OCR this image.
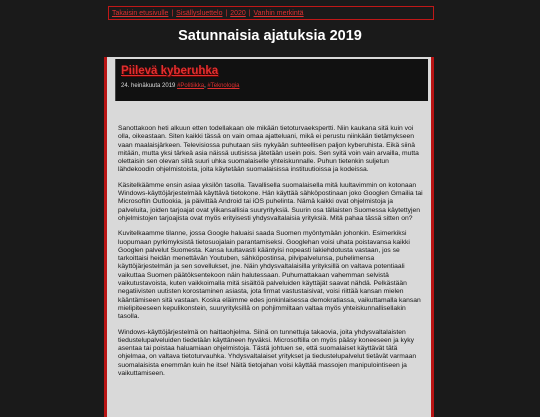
Takaisin etusivulle | Sisällysluettelo | 2020 | Vanhin merkintä
Satunnaisia ajatuksia 2019
Piilevä kyberuhka
24. heinäkuuta 2019 #Politiikka, #Teknologia

Sanottakoon heti alkuun etten todellakaan ole mikään tietoturvaekspertti. Niin kaukana sitä kuin voi olla, oikeastaan. Siten kaikki tässä on vain omaa ajatteluani, mikä ei perustu niinkään tietämykseen vaan maalaisjärkeen. Televisiossa puhutaan siis nykyään suhteellisen paljon kyberuhista. Eikä siinä mitään, mutta yksi tärkeä asia näissä uutisissa jätetään usein pois. Sen syitä voin vain arvailla, mutta olettaisin sen olevan siitä suuri uhka suomalaiselle yhteiskunnalle. Puhun tietenkin suljetun lähdekoodin ohjelmistoista, joita käytetään suomalaisissa instituutioissa ja kodeissa.

Käsitelkäämme ensin asiaa yksilön tasolla. Tavallisella suomalaisella mitä luultavimmin on kotonaan Windows-käyttöjärjestelmää käyttävä tietokone. Hän käyttää sähköpostinaan joko Googlen Gmailia tai Microsoftin Outlookia, ja päivittää Android tai iOS puhelinta. Nämä kaikki ovat ohjelmistoja ja palveluita, joiden tarjoajat ovat ylikansallisia suuryrityksiä. Suurin osa tällaisten Suomessa käytettyjen ohjelmistojen tarjoajista ovat myös erityisesti yhdysvaltalaisia yrityksiä. Mitä pahaa tässä sitten on?

Kuvitelkaamme tilanne, jossa Google haluaisi saada Suomen myöntymään johonkin. Esimerkiksi luopumaan pyrkimyksistä tietosuojalain parantamiseksi. Googlehan voisi uhata poistavansa kaikki Googlen palvelut Suomesta. Kansa luultavasti kääntyisi nopeasti lakiehdotusta vastaan, jos se tarkoittaisi heidän menettävän Youtuben, sähköpostinsa, pilvipalvelunsa, puhelimensa käyttöjärjestelmän ja sen sovellukset, jne. Näin yhdysvaltalaisilla yrityksillä on valtava potentiaali vaikuttaa Suomen päätöksentekoon näin halutessaan. Puhumattakaan vahemman selvistä vaikutustavoista, kuten vaikkoimalla mitä sisältöä palveluiden käyttäjät saavat nähdä. Pelkästään negatiivisten uutisten korostaminen asiasta, jota firmat vastustaisivat, voisi riittää kansan mielen kääntämiseen sitä vastaan. Koska eläimme edes jonkinlaisessa demokratiassa, vaikuttamalla kansan mielipiteeseen kepulikonstein, suuryrityksillä on pohjimmiltaan valtaa myös yhteiskunnallisellakin tasolla.

Windows-käyttöjärjestelmä on haittaohjelma. Siinä on tunnettuja takaovia, joita yhdysvaltalaisten tiedustelupalveluiden tiedetään käyttäneen hyväksi. Microsoftilla on myös pääsy koneeseen ja kyky asentaa tai poistaa haluamiaan ohjelmistoja. Tästä johtuen se, että suomalaiset käyttävät tätä ohjelmaa, on valtava tietoturvauhka. Yhdysvaltalaiset yritykset ja tiedustelupalvelut tietävät varmaan suomalaisista enemmän kuin he itse! Näitä tietojahan voisi käyttää massojen manipulointiseen ja vaikuttamiseen.
